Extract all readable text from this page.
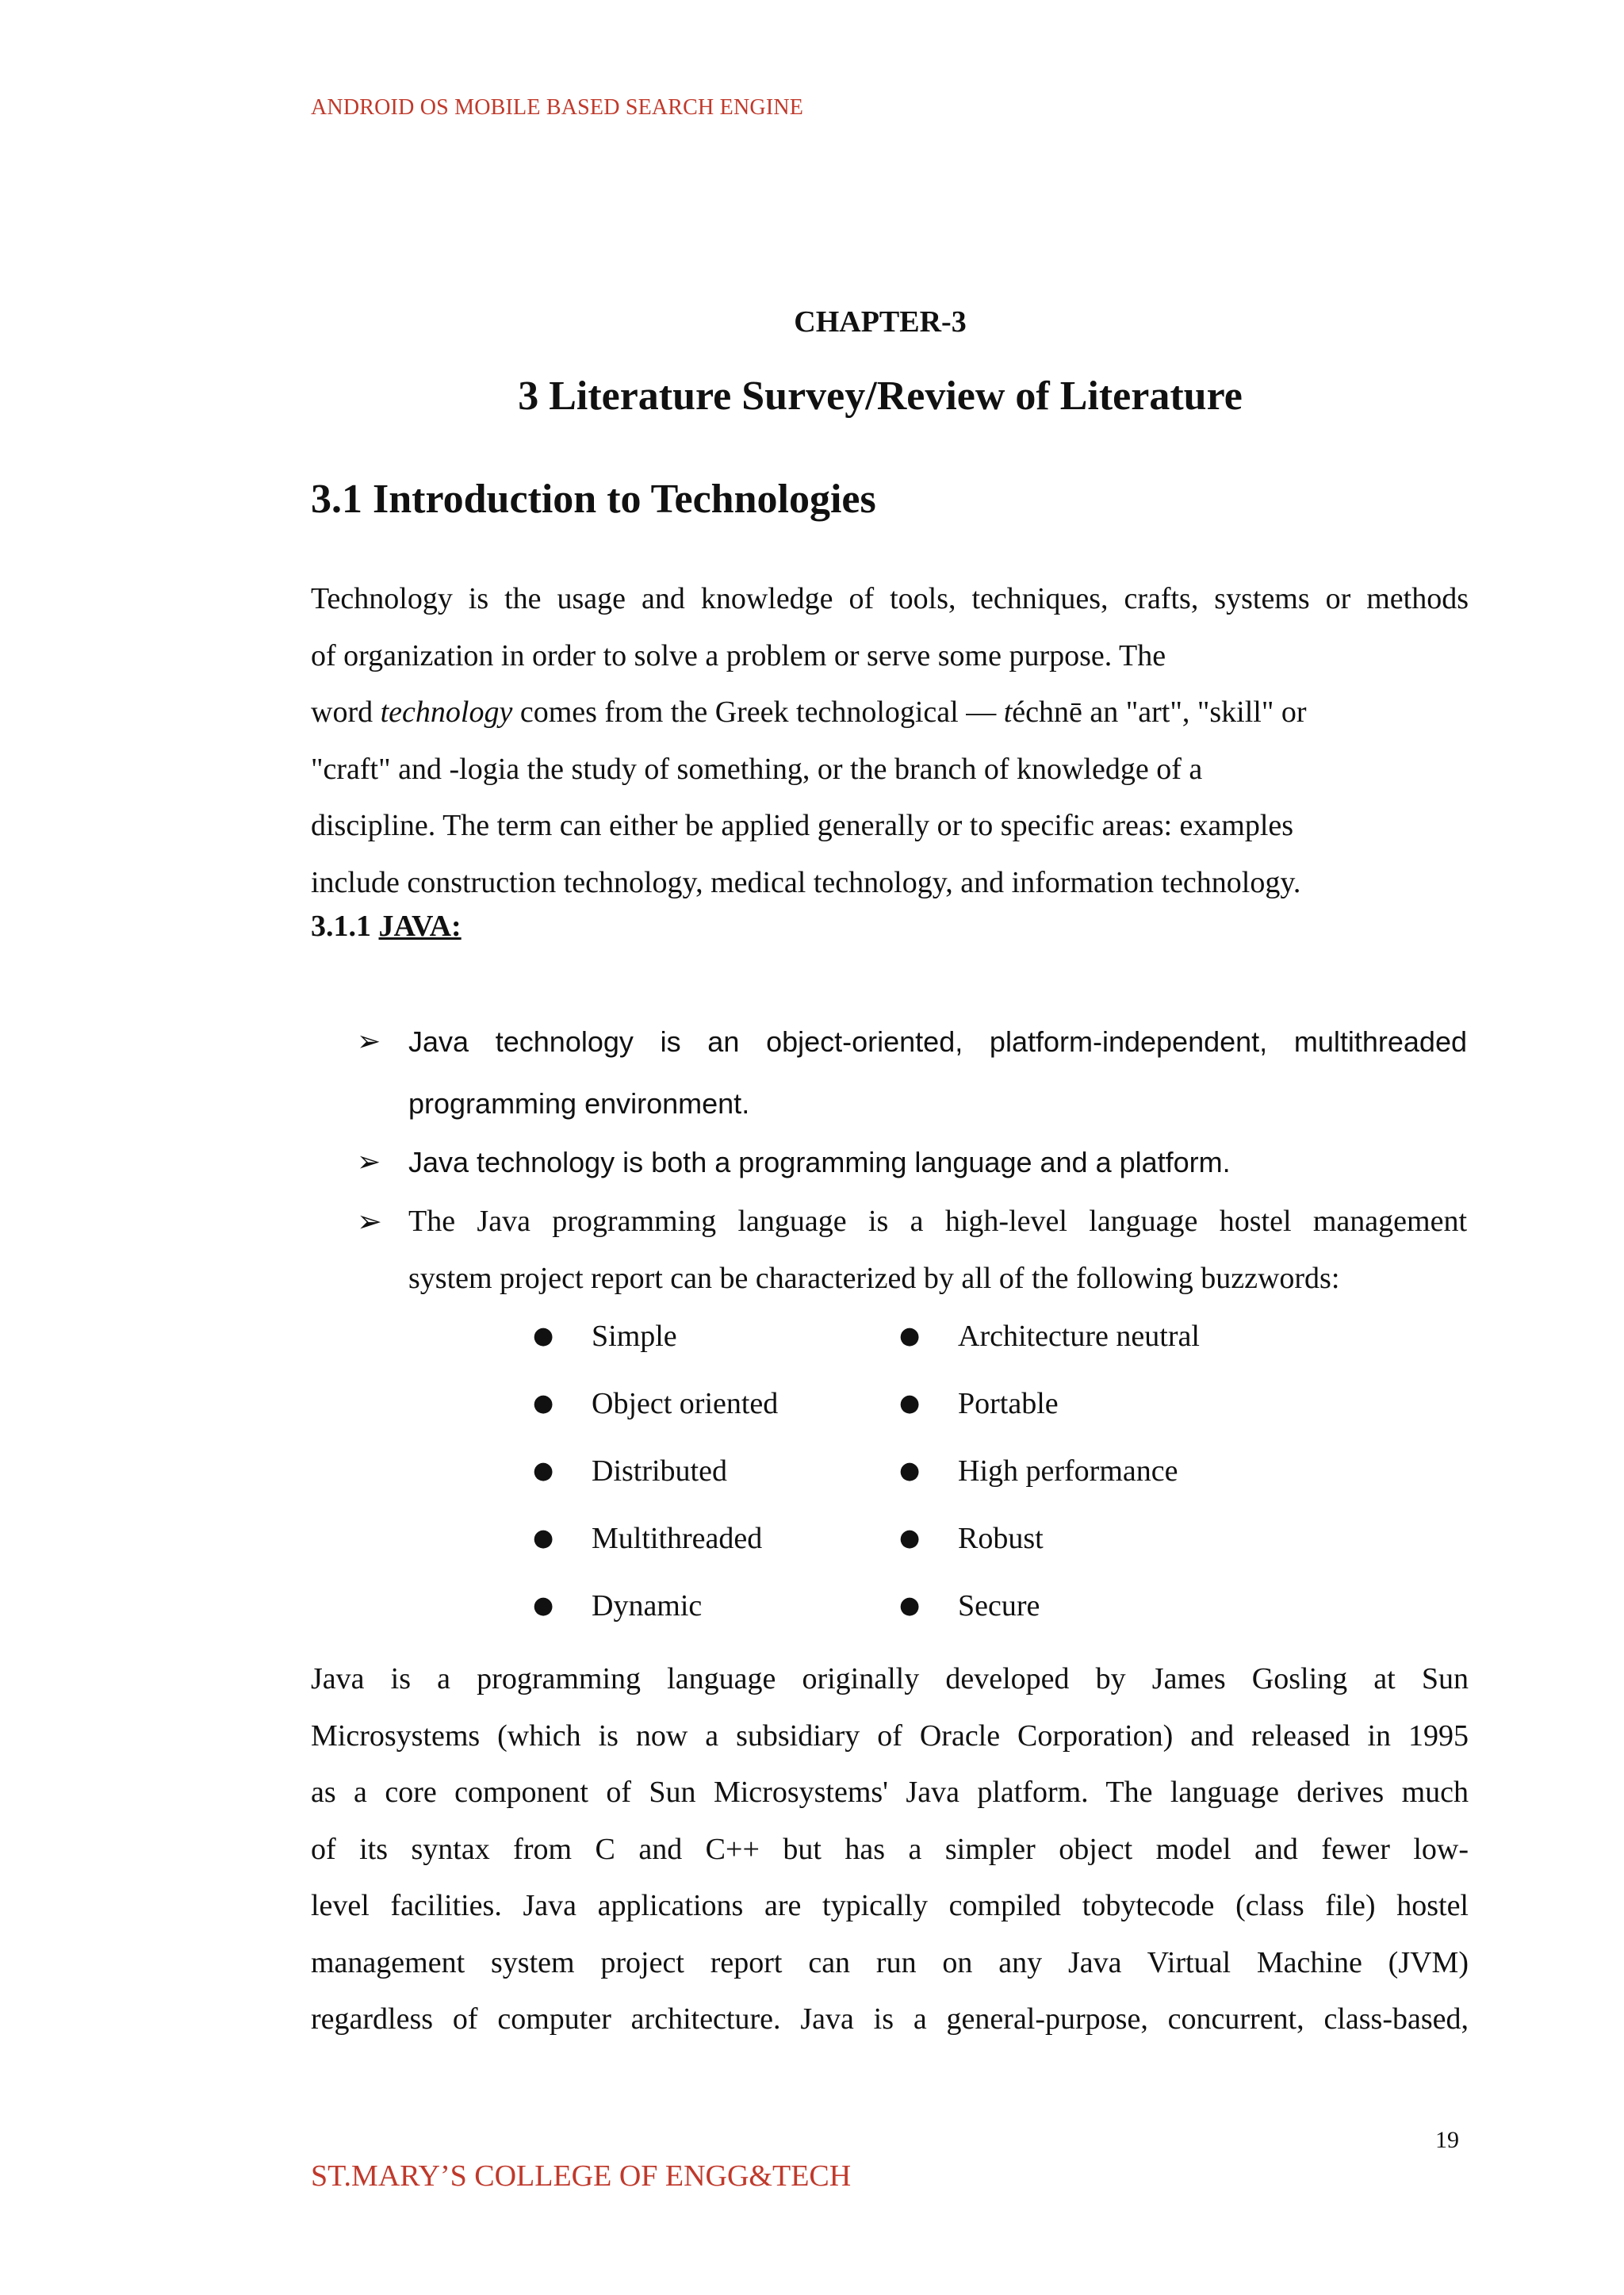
ANDROID OS MOBILE BASED SEARCH ENGINE
CHAPTER-3
3 Literature Survey/Review of Literature
3.1 Introduction to Technologies
Technology is the usage and knowledge of tools, techniques, crafts, systems or methods
of organization in order to solve a problem or serve some purpose. The
word technology comes from the Greek technological — téchnē an "art", "skill" or
"craft" and -logia the study of something, or the branch of knowledge of a
discipline. The term can either be applied generally or to specific areas: examples
include construction technology, medical technology, and information technology.
3.1.1 JAVA:
➢ Java technology is an object-oriented, platform-independent, multithreaded
programming environment.
➢ Java technology is both a programming language and a platform.
➢ The Java programming language is a high-level language hostel management
system project report can be characterized by all of the following buzzwords:
● Simple	● Architecture neutral
● Object oriented	● Portable
● Distributed	● High performance
● Multithreaded	● Robust
● Dynamic	● Secure
Java is a programming language originally developed by James Gosling at Sun
Microsystems (which is now a subsidiary of Oracle Corporation) and released in 1995
as a core component of Sun Microsystems' Java platform. The language derives much
of its syntax from C and C++ but has a simpler object model and fewer low-
level facilities. Java applications are typically compiled tobytecode (class file) hostel
management system project report can run on any Java Virtual Machine (JVM)
regardless of computer architecture. Java is a general-purpose, concurrent, class-based,
19
ST.MARY’S COLLEGE OF ENGG&TECH
